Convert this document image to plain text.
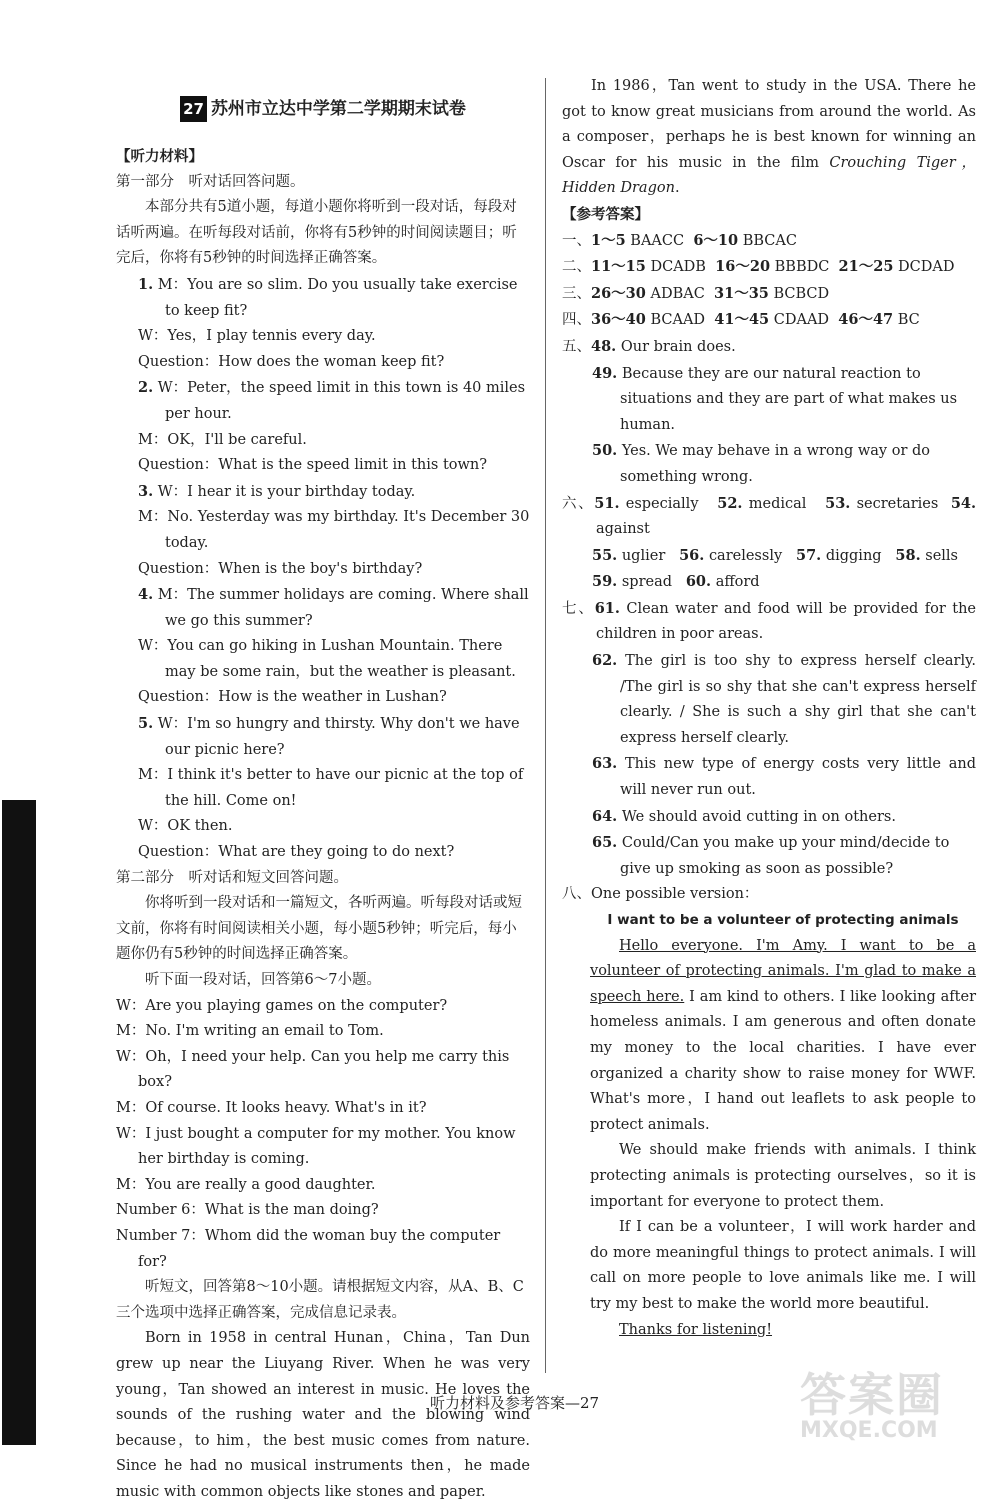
27 苏州市立达中学第二学期期末试卷

【听力材料】

第一部分　听对话回答问题。

本部分共有5道小题，每道小题你将听到一段对话，每段对话听两遍。在听每段对话前，你将有5秒钟的时间阅读题目；听完后，你将有5秒钟的时间选择正确答案。

1. M：You are so slim. Do you usually take exercise to keep fit?

W：Yes，I play tennis every day.

Question：How does the woman keep fit?

2. W：Peter，the speed limit in this town is 40 miles per hour.

M：OK，I'll be careful.

Question：What is the speed limit in this town?

3. W：I hear it is your birthday today.

M：No. Yesterday was my birthday. It's December 30 today.

Question：When is the boy's birthday?

4. M：The summer holidays are coming. Where shall we go this summer?

W：You can go hiking in Lushan Mountain. There may be some rain，but the weather is pleasant.

Question：How is the weather in Lushan?

5. W：I'm so hungry and thirsty. Why don't we have our picnic here?

M：I think it's better to have our picnic at the top of the hill. Come on!

W：OK then.

Question：What are they going to do next?

第二部分　听对话和短文回答问题。

你将听到一段对话和一篇短文，各听两遍。听每段对话或短文前，你将有时间阅读相关小题，每小题5秒钟；听完后，每小题你仍有5秒钟的时间选择正确答案。

听下面一段对话，回答第6～7小题。

W：Are you playing games on the computer?

M：No. I'm writing an email to Tom.

W：Oh，I need your help. Can you help me carry this box?

M：Of course. It looks heavy. What's in it?

W：I just bought a computer for my mother. You know her birthday is coming.

M：You are really a good daughter.

Number 6：What is the man doing?

Number 7：Whom did the woman buy the computer for?

听短文，回答第8～10小题。请根据短文内容，从A、B、C三个选项中选择正确答案，完成信息记录表。

Born in 1958 in central Hunan，China，Tan Dun grew up near the Liuyang River. When he was very young，Tan showed an interest in music. He loves the sounds of the rushing water and the blowing wind because，to him，the best music comes from nature. Since he had no musical instruments then，he made music with common objects like stones and paper.

In 1986，Tan went to study in the USA. There he got to know great musicians from around the world. As a composer，perhaps he is best known for winning an Oscar for his music in the film Crouching Tiger，Hidden Dragon.

【参考答案】

一、1～5 BAACC 6～10 BBCAC

二、11～15 DCADB 16～20 BBBDC 21～25 DCDAD

三、26～30 ADBAC 31～35 BCBCD

四、36～40 BCAAD 41～45 CDAAD 46～47 BC

五、48. Our brain does.

49. Because they are our natural reaction to situations and they are part of what makes us human.

50. Yes. We may behave in a wrong way or do something wrong.

六、51. especially 52. medical 53. secretaries 54. against

55. uglier 56. carelessly 57. digging 58. sells

59. spread 60. afford

七、61. Clean water and food will be provided for the children in poor areas.

62. The girl is too shy to express herself clearly. /The girl is so shy that she can't express herself clearly. / She is such a shy girl that she can't express herself clearly.

63. This new type of energy costs very little and will never run out.

64. We should avoid cutting in on others.

65. Could/Can you make up your mind/decide to give up smoking as soon as possible?

八、One possible version：

I want to be a volunteer of protecting animals

Hello everyone. I'm Amy. I want to be a volunteer of protecting animals. I'm glad to make a speech here. I am kind to others. I like looking after homeless animals. I am generous and often donate my money to the local charities. I have ever organized a charity show to raise money for WWF. What's more，I hand out leaflets to ask people to protect animals.

We should make friends with animals. I think protecting animals is protecting ourselves，so it is important for everyone to protect them.

If I can be a volunteer，I will work harder and do more meaningful things to protect animals. I will call on more people to love animals like me. I will try my best to make the world more beautiful.

Thanks for listening!

听力材料及参考答案—27	答案圈
MXQE.COM
